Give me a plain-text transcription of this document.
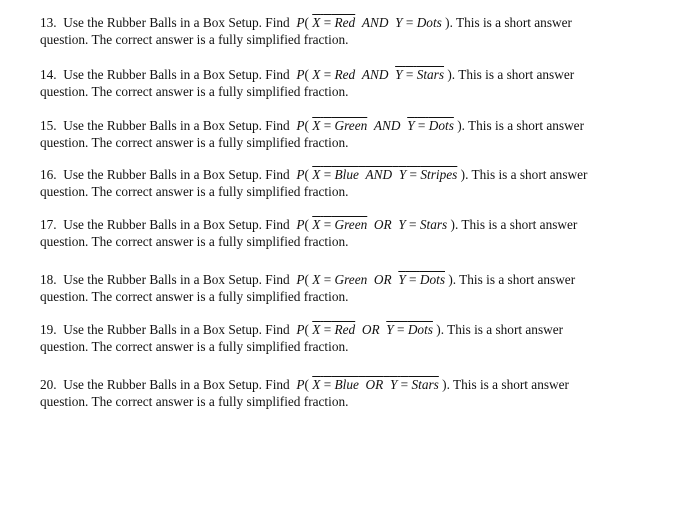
13. Use the Rubber Balls in a Box Setup. Find P( X = Red AND Y = Dots ). This is a short answer
question. The correct answer is a fully simplified fraction.
14. Use the Rubber Balls in a Box Setup. Find P( X = Red AND Y = Stars ). This is a short answer
question. The correct answer is a fully simplified fraction.
15. Use the Rubber Balls in a Box Setup. Find P( X = Green AND Y = Dots ). This is a short answer
question. The correct answer is a fully simplified fraction.
16. Use the Rubber Balls in a Box Setup. Find P( X = Blue AND Y = Stripes ). This is a short answer
question. The correct answer is a fully simplified fraction.
17. Use the Rubber Balls in a Box Setup. Find P( X = Green OR Y = Stars ). This is a short answer
question. The correct answer is a fully simplified fraction.
18. Use the Rubber Balls in a Box Setup. Find P( X = Green OR Y = Dots ). This is a short answer
question. The correct answer is a fully simplified fraction.
19. Use the Rubber Balls in a Box Setup. Find P( X = Red OR Y = Dots ). This is a short answer
question. The correct answer is a fully simplified fraction.
20. Use the Rubber Balls in a Box Setup. Find P( X = Blue OR Y = Stars ). This is a short answer
question. The correct answer is a fully simplified fraction.
